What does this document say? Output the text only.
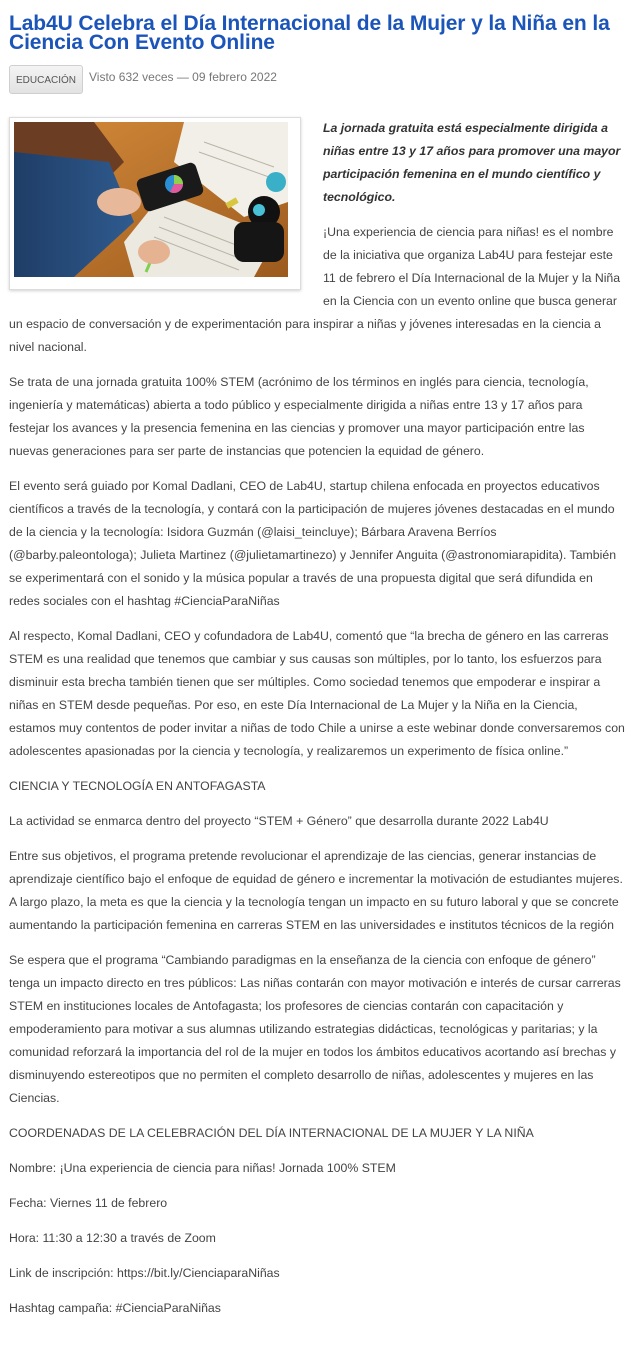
Lab4U Celebra el Día Internacional de la Mujer y la Niña en la Ciencia Con Evento Online
EDUCACIÓN	Visto 632 veces — 09 febrero 2022

La jornada gratuita está especialmente dirigida a niñas entre 13 y 17 años para promover una mayor participación femenina en el mundo científico y tecnológico.

¡Una experiencia de ciencia para niñas! es el nombre de la iniciativa que organiza Lab4U para festejar este 11 de febrero el Día Internacional de la Mujer y la Niña en la Ciencia con un evento online que busca generar un espacio de conversación y de experimentación para inspirar a niñas y jóvenes interesadas en la ciencia a nivel nacional.

Se trata de una jornada gratuita 100% STEM (acrónimo de los términos en inglés para ciencia, tecnología, ingeniería y matemáticas) abierta a todo público y especialmente dirigida a niñas entre 13 y 17 años para festejar los avances y la presencia femenina en las ciencias y promover una mayor participación entre las nuevas generaciones para ser parte de instancias que potencien la equidad de género.

El evento será guiado por Komal Dadlani, CEO de Lab4U, startup chilena enfocada en proyectos educativos científicos a través de la tecnología, y contará con la participación de mujeres jóvenes destacadas en el mundo de la ciencia y la tecnología: Isidora Guzmán (@laisi_teincluye); Bárbara Aravena Berríos (@barby.paleontologa); Julieta Martinez (@julietamartinezo) y Jennifer Anguita (@astronomiarapidita). También se experimentará con el sonido y la música popular a través de una propuesta digital que será difundida en redes sociales con el hashtag #CienciaParaNiñas

Al respecto, Komal Dadlani, CEO y cofundadora de Lab4U, comentó que “la brecha de género en las carreras STEM es una realidad que tenemos que cambiar y sus causas son múltiples, por lo tanto, los esfuerzos para disminuir esta brecha también tienen que ser múltiples. Como sociedad tenemos que empoderar e inspirar a niñas en STEM desde pequeñas. Por eso, en este Día Internacional de La Mujer y la Niña en la Ciencia, estamos muy contentos de poder invitar a niñas de todo Chile a unirse a este webinar donde conversaremos con adolescentes apasionadas por la ciencia y tecnología, y realizaremos un experimento de física online.”

CIENCIA Y TECNOLOGÍA EN ANTOFAGASTA

La actividad se enmarca dentro del proyecto “STEM + Género” que desarrolla durante 2022 Lab4U

Entre sus objetivos, el programa pretende revolucionar el aprendizaje de las ciencias, generar instancias de aprendizaje científico bajo el enfoque de equidad de género e incrementar la motivación de estudiantes mujeres. A largo plazo, la meta es que la ciencia y la tecnología tengan un impacto en su futuro laboral y que se concrete aumentando la participación femenina en carreras STEM en las universidades e institutos técnicos de la región

Se espera que el programa “Cambiando paradigmas en la enseñanza de la ciencia con enfoque de género” tenga un impacto directo en tres públicos: Las niñas contarán con mayor motivación e interés de cursar carreras STEM en instituciones locales de Antofagasta; los profesores de ciencias contarán con capacitación y empoderamiento para motivar a sus alumnas utilizando estrategias didácticas, tecnológicas y paritarias; y la comunidad reforzará la importancia del rol de la mujer en todos los ámbitos educativos acortando así brechas y disminuyendo estereotipos que no permiten el completo desarrollo de niñas, adolescentes y mujeres en las Ciencias.

COORDENADAS DE LA CELEBRACIÓN DEL DÍA INTERNACIONAL DE LA MUJER Y LA NIÑA

Nombre: ¡Una experiencia de ciencia para niñas! Jornada 100% STEM

Fecha: Viernes 11 de febrero

Hora: 11:30 a 12:30 a través de Zoom

Link de inscripción: https://bit.ly/CienciaparaNiñas

Hashtag campaña: #CienciaParaNiñas
